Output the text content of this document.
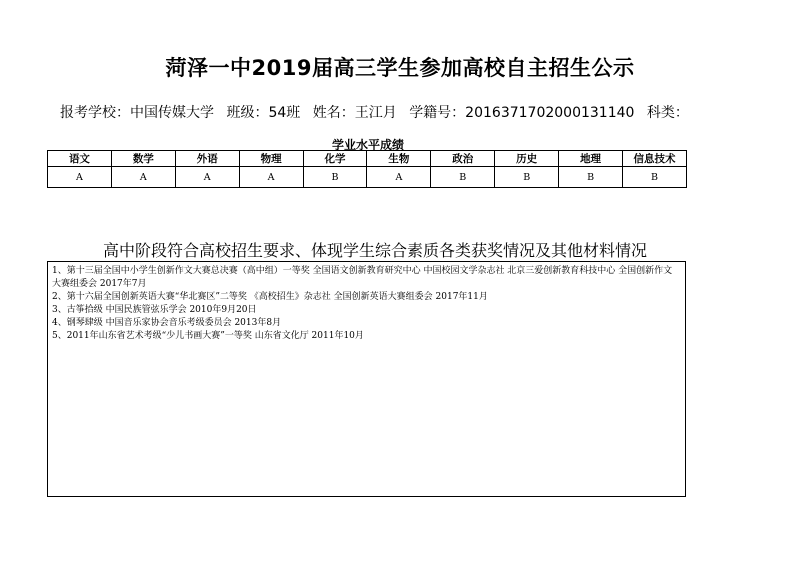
菏泽一中2019届高三学生参加高校自主招生公示
报考学校：中国传媒大学 班级：54班 姓名：王江月 学籍号：2016371702000131140 科类：
学业水平成绩
语文	数学	外语	物理	化学	生物	政治	历史	地理	信息技术
A	A	A	A	B	A	B	B	B	B
高中阶段符合高校招生要求、体现学生综合素质各类获奖情况及其他材料情况
1、第十三届全国中小学生创新作文大赛总决赛（高中组）一等奖 全国语文创新教育研究中心 中国校园文学杂志社 北京三爱创新教育科技中心 全国创新作文大赛组委会 2017年7月
2、第十六届全国创新英语大赛“华北赛区”二等奖 《高校招生》杂志社 全国创新英语大赛组委会 2017年11月
3、古筝拾级 中国民族管弦乐学会 2010年9月20日
4、钢琴肆级 中国音乐家协会音乐考级委员会 2013年8月
5、2011年山东省艺术考级“少儿书画大赛”一等奖 山东省文化厅 2011年10月
